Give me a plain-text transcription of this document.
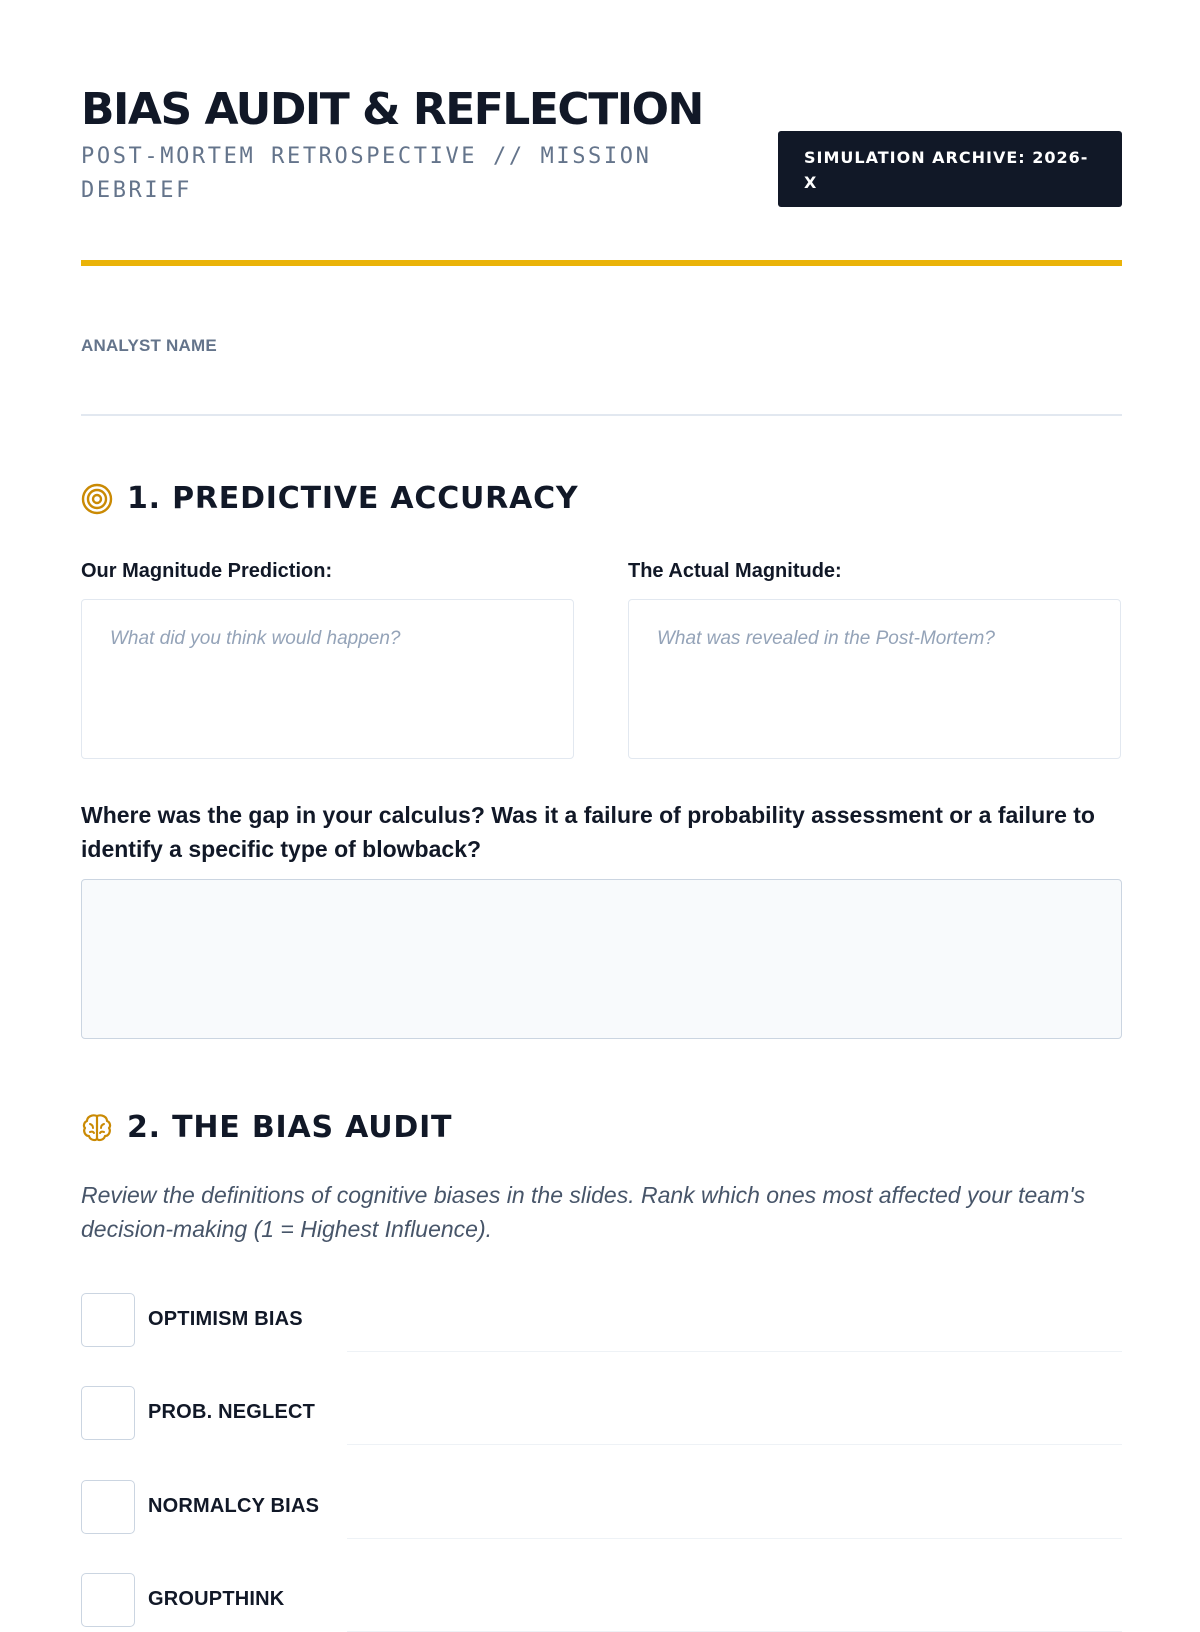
BIAS AUDIT & REFLECTION
POST-MORTEM RETROSPECTIVE // MISSION DEBRIEF
SIMULATION ARCHIVE: 2026-X
ANALYST NAME
1. PREDICTIVE ACCURACY
Our Magnitude Prediction:	The Actual Magnitude:
What did you think would happen?
What was revealed in the Post-Mortem?
Where was the gap in your calculus? Was it a failure of probability assessment or a failure to identify a specific type of blowback?
2. THE BIAS AUDIT
Review the definitions of cognitive biases in the slides. Rank which ones most affected your team's decision-making (1 = Highest Influence).
OPTIMISM BIAS
PROB. NEGLECT
NORMALCY BIAS
GROUPTHINK
